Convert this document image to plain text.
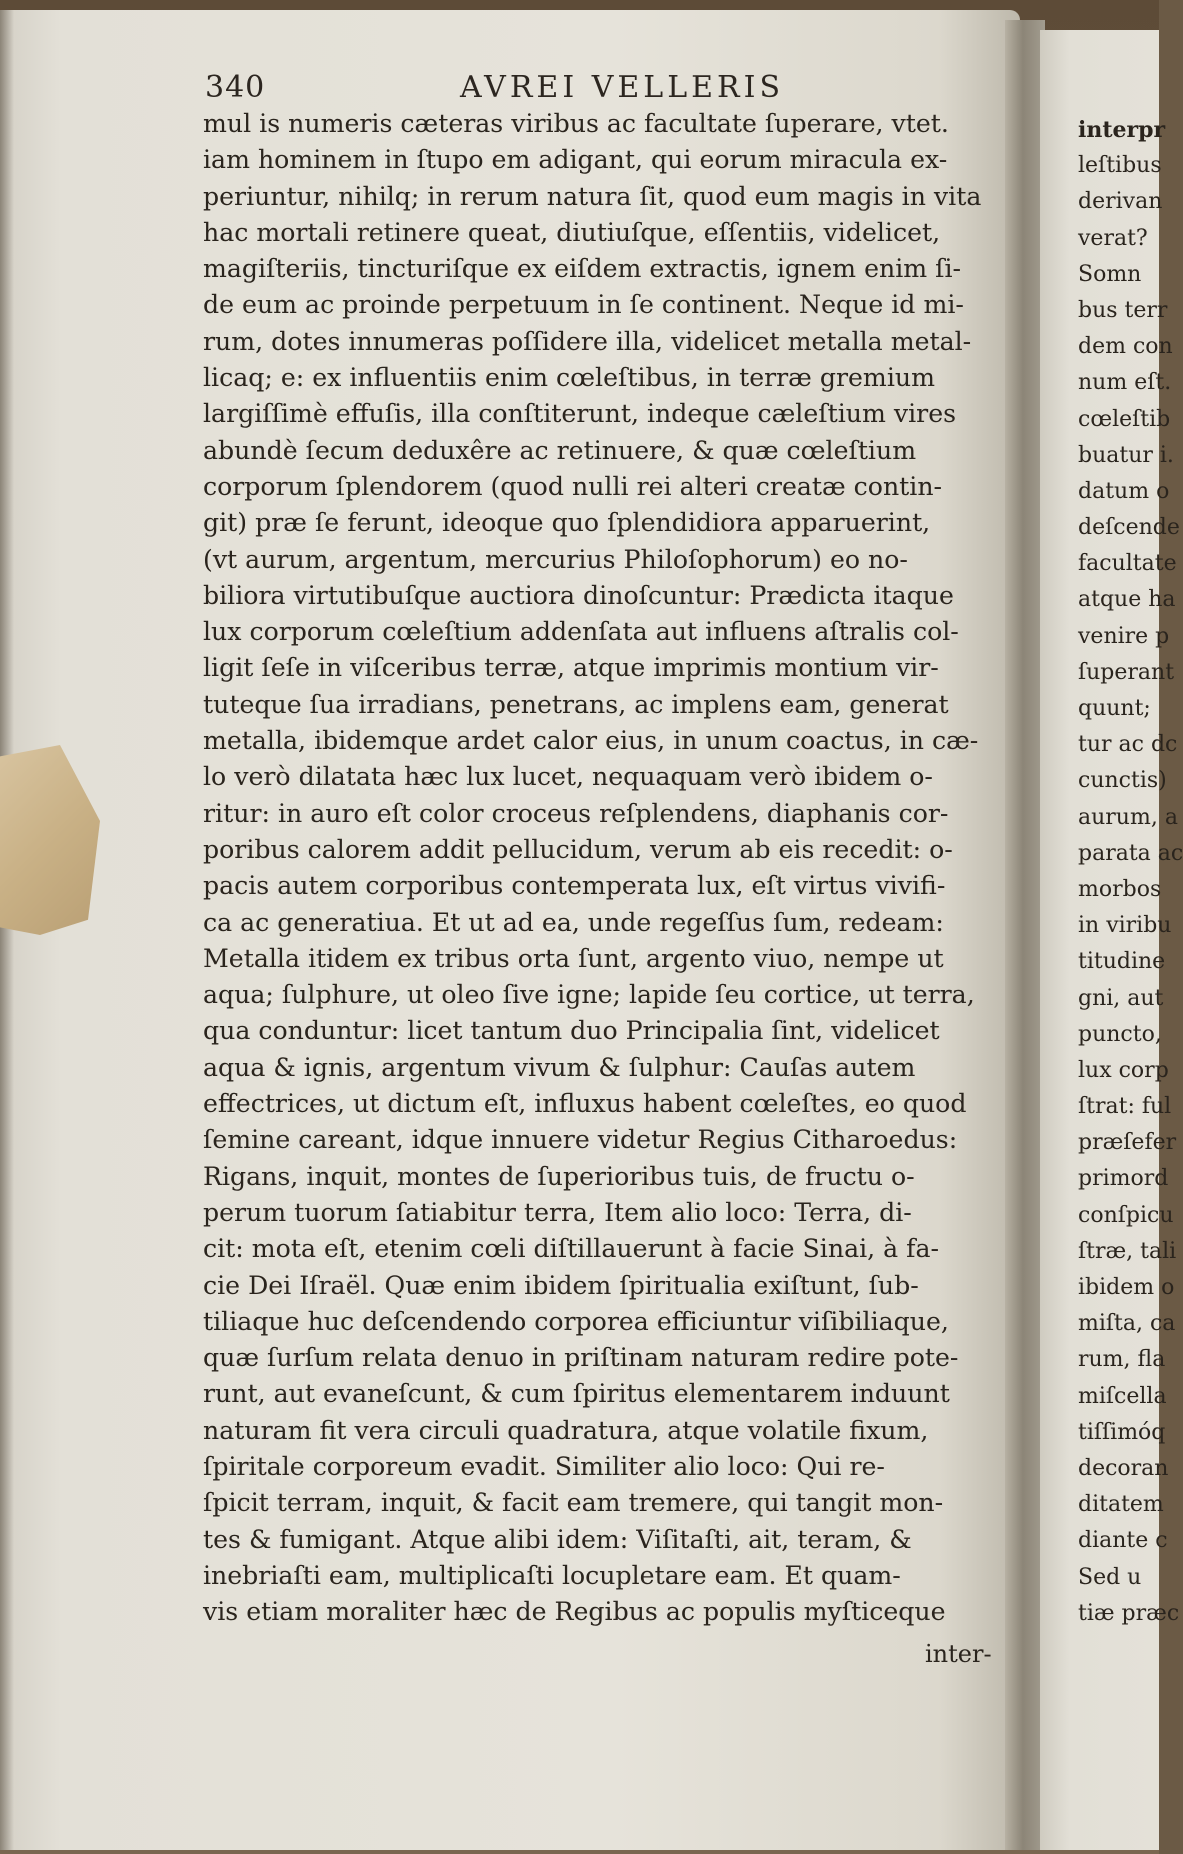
340	AVREI VELLERIS
mul is numeris cæteras viribus ac facultate ſuperare, vtet.
iam hominem in ſtupo em adigant, qui eorum miracula ex-
periuntur, nihilq; in rerum natura ſit, quod eum magis in vita
hac mortali retinere queat, diutiuſque, eſſentiis, videlicet,
magiſteriis, tincturiſque ex eiſdem extractis, ignem enim ſi-
de eum ac proinde perpetuum in ſe continent. Neque id mi-
rum, dotes innumeras poſſidere illa, videlicet metalla metal-
licaq; e: ex influentiis enim cœleſtibus, in terræ gremium
largiſſimè effuſis, illa conſtiterunt, indeque cæleſtium vires
abundè ſecum deduxêre ac retinuere, & quæ cœleſtium
corporum ſplendorem (quod nulli rei alteri creatæ contin-
git) præ ſe ferunt, ideoque quo ſplendidiora apparuerint,
(vt aurum, argentum, mercurius Philoſophorum) eo no-
biliora virtutibuſque auctiora dinoſcuntur: Prædicta itaque
lux corporum cœleſtium addenſata aut influens aſtralis col-
ligit ſeſe in viſceribus terræ, atque imprimis montium vir-
tuteque ſua irradians, penetrans, ac implens eam, generat
metalla, ibidemque ardet calor eius, in unum coactus, in cæ-
lo verò dilatata hæc lux lucet, nequaquam verò ibidem o-
ritur: in auro eſt color croceus reſplendens, diaphanis cor-
poribus calorem addit pellucidum, verum ab eis recedit: o-
pacis autem corporibus contemperata lux, eſt virtus vivifi-
ca ac generatiua. Et ut ad ea, unde regeſſus ſum, redeam:
Metalla itidem ex tribus orta ſunt, argento viuo, nempe ut
aqua; ſulphure, ut oleo ſive igne; lapide ſeu cortice, ut terra,
qua conduntur: licet tantum duo Principalia ſint, videlicet
aqua & ignis, argentum vivum & ſulphur: Cauſas autem
effectrices, ut dictum eſt, influxus habent cœleſtes, eo quod
ſemine careant, idque innuere videtur Regius Citharoedus:
Rigans, inquit, montes de ſuperioribus tuis, de fructu o-
perum tuorum ſatiabitur terra, Item alio loco: Terra, di-
cit: mota eſt, etenim cœli diſtillauerunt à facie Sinai, à fa-
cie Dei Iſraël. Quæ enim ibidem ſpiritualia exiſtunt, ſub-
tiliaque huc deſcendendo corporea efficiuntur viſibiliaque,
quæ ſurſum relata denuo in priſtinam naturam redire pote-
runt, aut evaneſcunt, & cum ſpiritus elementarem induunt
naturam fit vera circuli quadratura, atque volatile fixum,
ſpiritale corporeum evadit. Similiter alio loco: Qui re-
ſpicit terram, inquit, & facit eam tremere, qui tangit mon-
tes & fumigant. Atque alibi idem: Viſitaſti, ait, teram, &
inebriaſti eam, multiplicaſti locupletare eam. Et quam-
vis etiam moraliter hæc de Regibus ac populis myſticeque
inter-
interpr
leſtibus
derivan
verat?
Somn
bus terr
dem con
num eſt.
cœleſtib
buatur i.
datum o
deſcende
facultate
atque ha
venire p
ſuperant
quunt;
tur ac dc
cunctis)
aurum, a
parata ac
morbos
in viribu
titudine
gni, aut
puncto,
lux corp
ſtrat: ful
præſefer
primord
conſpicu
ſtræ, tali
ibidem o
miſta, ca
rum, fla
miſcella
tiſſimóq
decoran
ditatem
diante c
Sed u
tiæ præc
